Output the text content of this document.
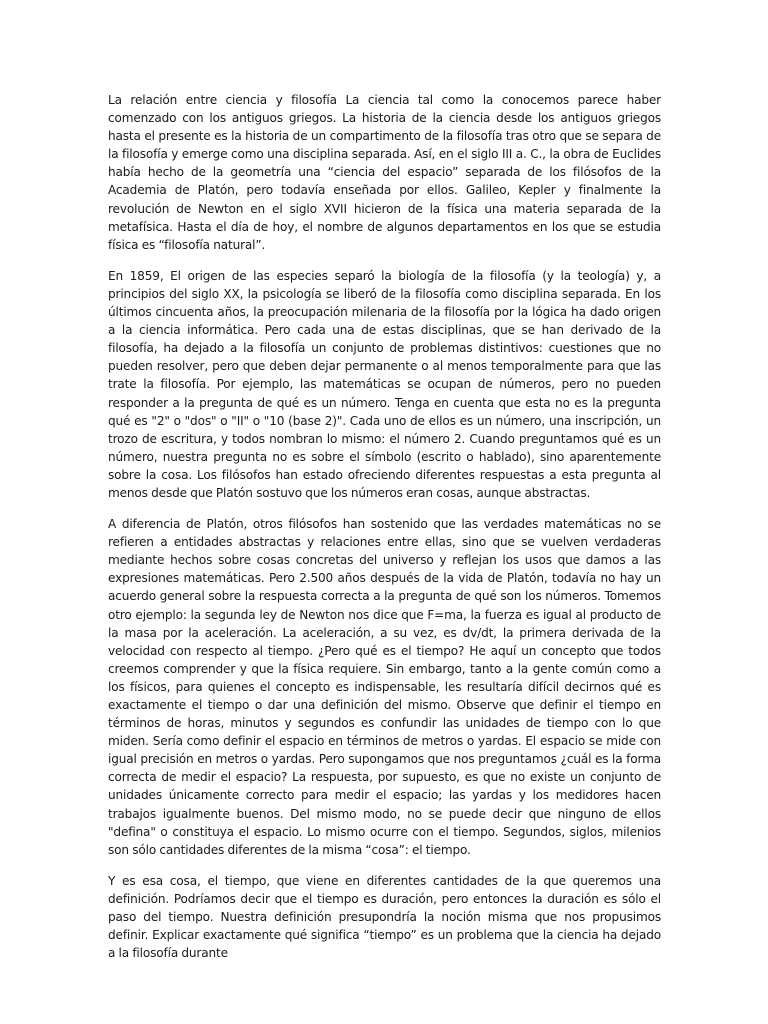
La relación entre ciencia y filosofía La ciencia tal como la conocemos parece haber comenzado con los antiguos griegos. La historia de la ciencia desde los antiguos griegos hasta el presente es la historia de un compartimento de la filosofía tras otro que se separa de la filosofía y emerge como una disciplina separada. Así, en el siglo III a. C., la obra de Euclides había hecho de la geometría una “ciencia del espacio” separada de los filósofos de la Academia de Platón, pero todavía enseñada por ellos. Galileo, Kepler y finalmente la revolución de Newton en el siglo XVII hicieron de la física una materia separada de la metafísica. Hasta el día de hoy, el nombre de algunos departamentos en los que se estudia física es “filosofía natural”.

En 1859, El origen de las especies separó la biología de la filosofía (y la teología) y, a principios del siglo XX, la psicología se liberó de la filosofía como disciplina separada. En los últimos cincuenta años, la preocupación milenaria de la filosofía por la lógica ha dado origen a la ciencia informática. Pero cada una de estas disciplinas, que se han derivado de la filosofía, ha dejado a la filosofía un conjunto de problemas distintivos: cuestiones que no pueden resolver, pero que deben dejar permanente o al menos temporalmente para que las trate la filosofía. Por ejemplo, las matemáticas se ocupan de números, pero no pueden responder a la pregunta de qué es un número. Tenga en cuenta que esta no es la pregunta qué es "2" o "dos" o "II" o "10 (base 2)". Cada uno de ellos es un número, una inscripción, un trozo de escritura, y todos nombran lo mismo: el número 2. Cuando preguntamos qué es un número, nuestra pregunta no es sobre el símbolo (escrito o hablado), sino aparentemente sobre la cosa. Los filósofos han estado ofreciendo diferentes respuestas a esta pregunta al menos desde que Platón sostuvo que los números eran cosas, aunque abstractas.

A diferencia de Platón, otros filósofos han sostenido que las verdades matemáticas no se refieren a entidades abstractas y relaciones entre ellas, sino que se vuelven verdaderas mediante hechos sobre cosas concretas del universo y reflejan los usos que damos a las expresiones matemáticas. Pero 2.500 años después de la vida de Platón, todavía no hay un acuerdo general sobre la respuesta correcta a la pregunta de qué son los números. Tomemos otro ejemplo: la segunda ley de Newton nos dice que F=ma, la fuerza es igual al producto de la masa por la aceleración. La aceleración, a su vez, es dv/dt, la primera derivada de la velocidad con respecto al tiempo. ¿Pero qué es el tiempo? He aquí un concepto que todos creemos comprender y que la física requiere. Sin embargo, tanto a la gente común como a los físicos, para quienes el concepto es indispensable, les resultaría difícil decirnos qué es exactamente el tiempo o dar una definición del mismo. Observe que definir el tiempo en términos de horas, minutos y segundos es confundir las unidades de tiempo con lo que miden. Sería como definir el espacio en términos de metros o yardas. El espacio se mide con igual precisión en metros o yardas. Pero supongamos que nos preguntamos ¿cuál es la forma correcta de medir el espacio? La respuesta, por supuesto, es que no existe un conjunto de unidades únicamente correcto para medir el espacio; las yardas y los medidores hacen trabajos igualmente buenos. Del mismo modo, no se puede decir que ninguno de ellos "defina" o constituya el espacio. Lo mismo ocurre con el tiempo. Segundos, siglos, milenios son sólo cantidades diferentes de la misma “cosa”: el tiempo.

Y es esa cosa, el tiempo, que viene en diferentes cantidades de la que queremos una definición. Podríamos decir que el tiempo es duración, pero entonces la duración es sólo el paso del tiempo. Nuestra definición presupondría la noción misma que nos propusimos definir. Explicar exactamente qué significa “tiempo” es un problema que la ciencia ha dejado a la filosofía durante
